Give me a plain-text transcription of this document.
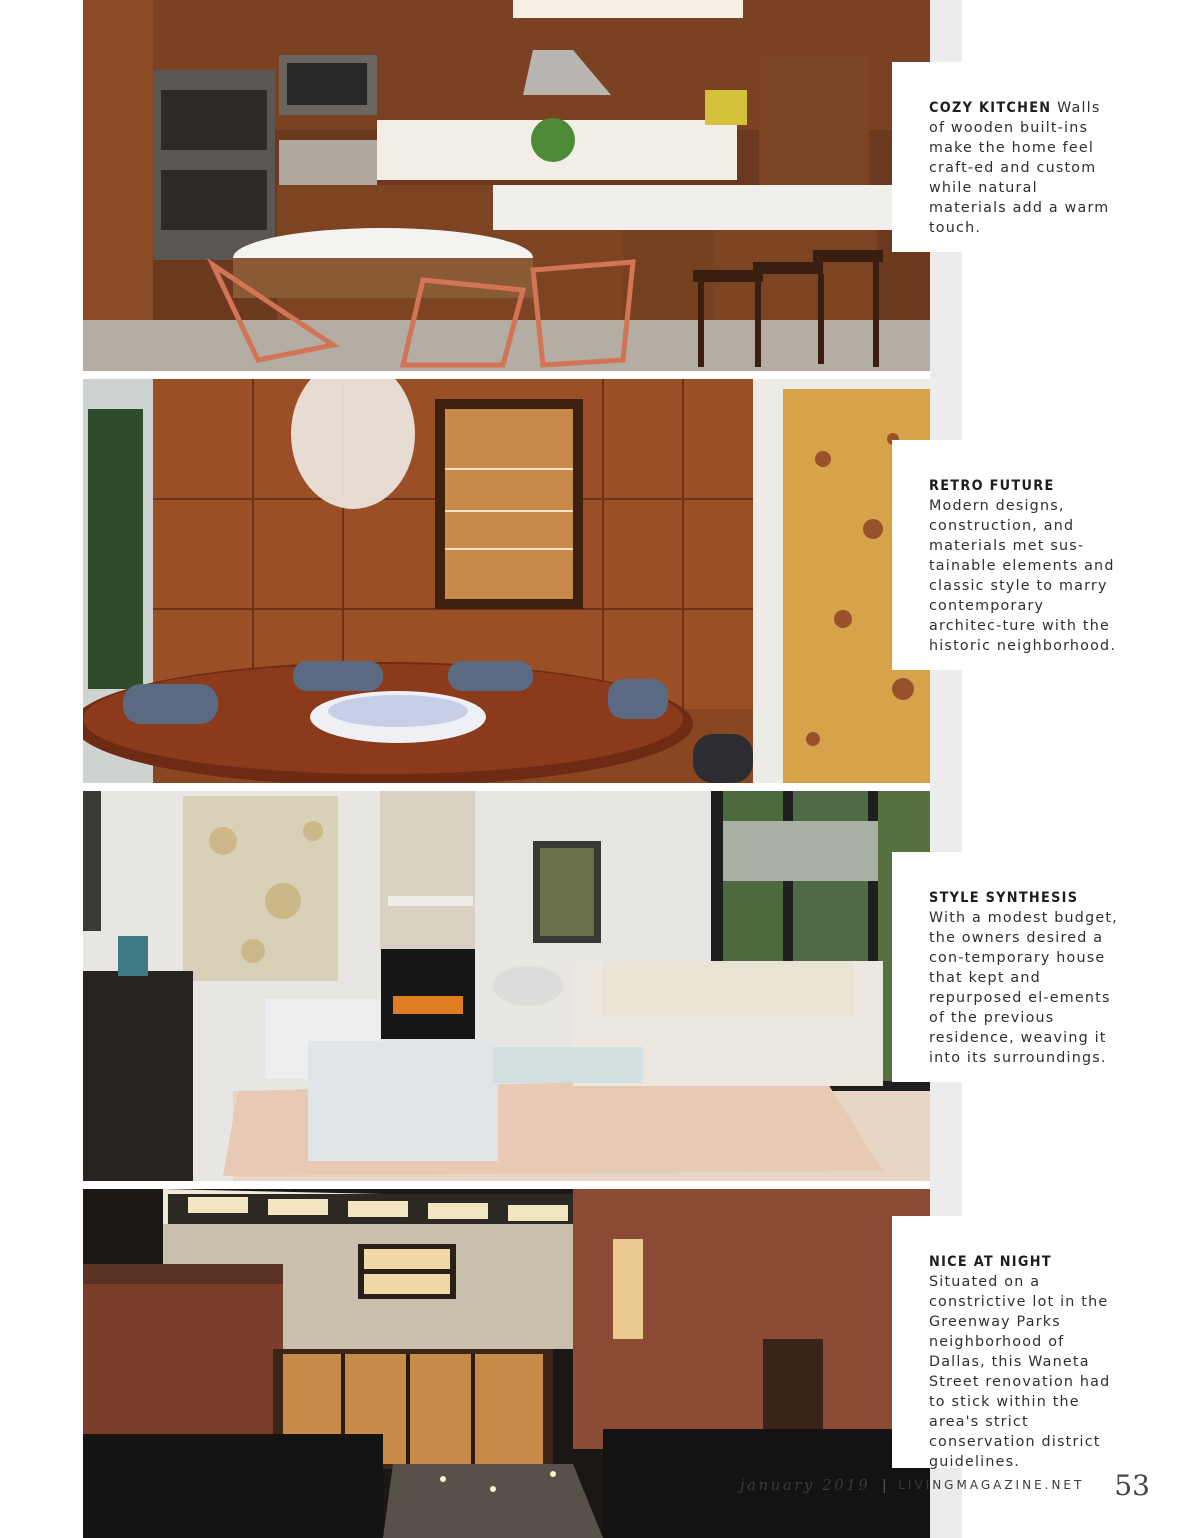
COZY KITCHEN Walls of wooden built-ins make the home feel craft-ed and custom while natural materials add a warm touch.

RETRO FUTURE Modern designs, construction, and materials met sus-tainable elements and classic style to marry contemporary architec-ture with the historic neighborhood.

STYLE SYNTHESIS With a modest budget, the owners desired a con-temporary house that kept and repurposed el-ements of the previous residence, weaving it into its surroundings.

NICE AT NIGHT Situated on a constrictive lot in the Greenway Parks neighborhood of Dallas, this Waneta Street renovation had to stick within the area's strict conservation district guidelines.

january 2019 | LIVINGMAGAZINE.NET 53
